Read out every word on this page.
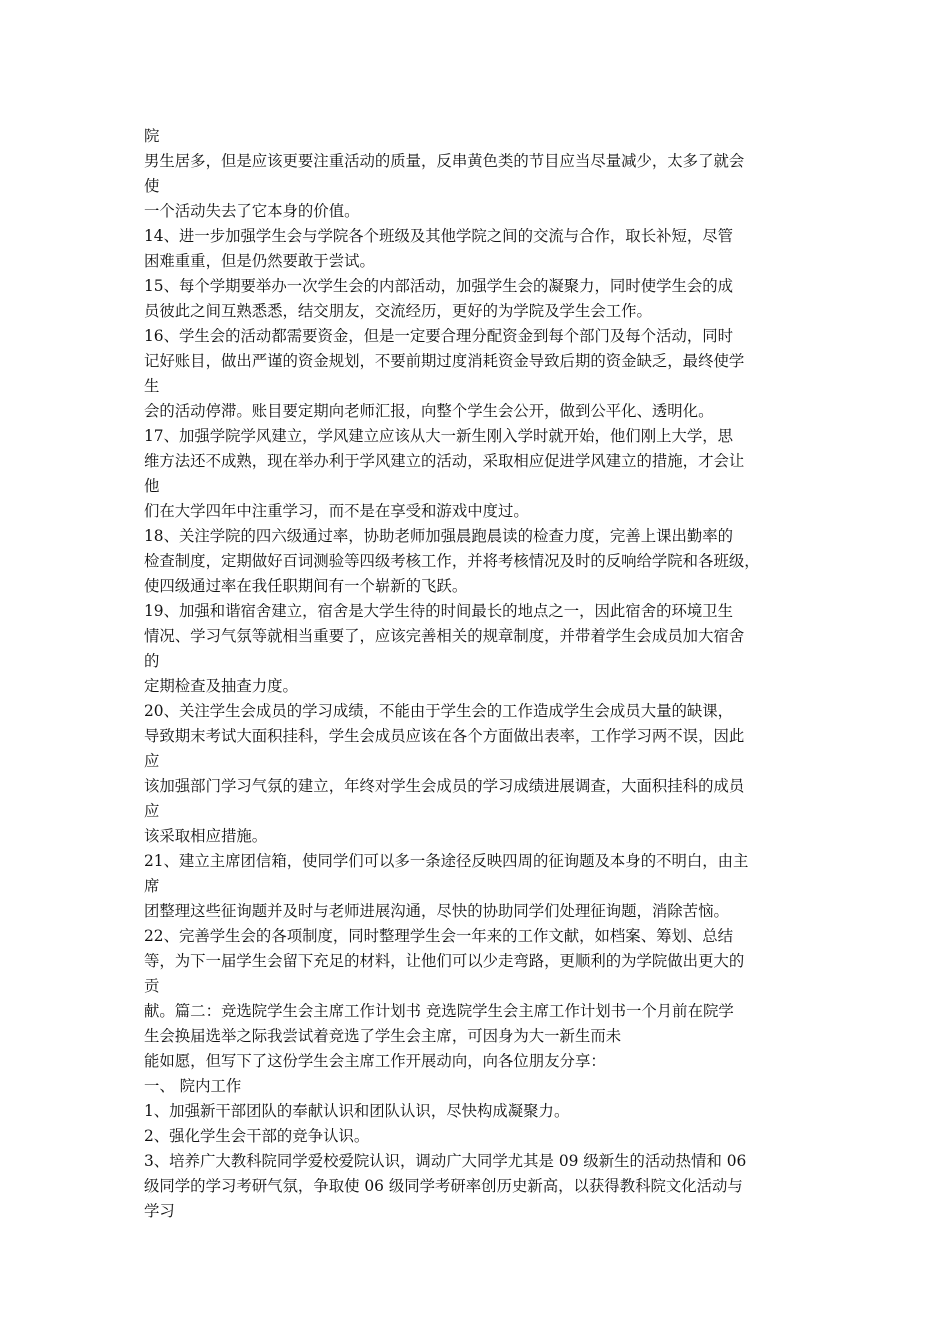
院
男生居多，但是应该更要注重活动的质量，反串黄色类的节目应当尽量减少，太多了就会
使
一个活动失去了它本身的价值。
14、进一步加强学生会与学院各个班级及其他学院之间的交流与合作，取长补短，尽管
困难重重，但是仍然要敢于尝试。
15、每个学期要举办一次学生会的内部活动，加强学生会的凝聚力，同时使学生会的成
员彼此之间互熟悉悉，结交朋友，交流经历，更好的为学院及学生会工作。
16、学生会的活动都需要资金，但是一定要合理分配资金到每个部门及每个活动，同时
记好账目，做出严谨的资金规划，不要前期过度消耗资金导致后期的资金缺乏，最终使学
生
会的活动停滞。账目要定期向老师汇报，向整个学生会公开，做到公平化、透明化。
17、加强学院学风建立，学风建立应该从大一新生刚入学时就开始，他们刚上大学，思
维方法还不成熟，现在举办利于学风建立的活动，采取相应促进学风建立的措施，才会让
他
们在大学四年中注重学习，而不是在享受和游戏中度过。
18、关注学院的四六级通过率，协助老师加强晨跑晨读的检查力度，完善上课出勤率的
检查制度，定期做好百词测验等四级考核工作，并将考核情况及时的反响给学院和各班级，
使四级通过率在我任职期间有一个崭新的飞跃。
19、加强和谐宿舍建立，宿舍是大学生待的时间最长的地点之一，因此宿舍的环境卫生
情况、学习气氛等就相当重要了，应该完善相关的规章制度，并带着学生会成员加大宿舍
的
定期检查及抽查力度。
20、关注学生会成员的学习成绩，不能由于学生会的工作造成学生会成员大量的缺课，
导致期末考试大面积挂科，学生会成员应该在各个方面做出表率，工作学习两不误，因此
应
该加强部门学习气氛的建立，年终对学生会成员的学习成绩进展调查，大面积挂科的成员
应
该采取相应措施。
21、建立主席团信箱，使同学们可以多一条途径反映四周的征询题及本身的不明白，由主
席
团整理这些征询题并及时与老师进展沟通，尽快的协助同学们处理征询题，消除苦恼。
22、完善学生会的各项制度，同时整理学生会一年来的工作文献，如档案、筹划、总结
等，为下一届学生会留下充足的材料，让他们可以少走弯路，更顺利的为学院做出更大的
贡
献。篇二：竞选院学生会主席工作计划书 竞选院学生会主席工作计划书一个月前在院学
生会换届选举之际我尝试着竞选了学生会主席，可因身为大一新生而未
能如愿，但写下了这份学生会主席工作开展动向，向各位朋友分享：
一、 院内工作
1、加强新干部团队的奉献认识和团队认识，尽快构成凝聚力。
2、强化学生会干部的竞争认识。
3、培养广大教科院同学爱校爱院认识，调动广大同学尤其是 09 级新生的活动热情和 06
级同学的学习考研气氛，争取使 06 级同学考研率创历史新高，以获得教科院文化活动与
学习
